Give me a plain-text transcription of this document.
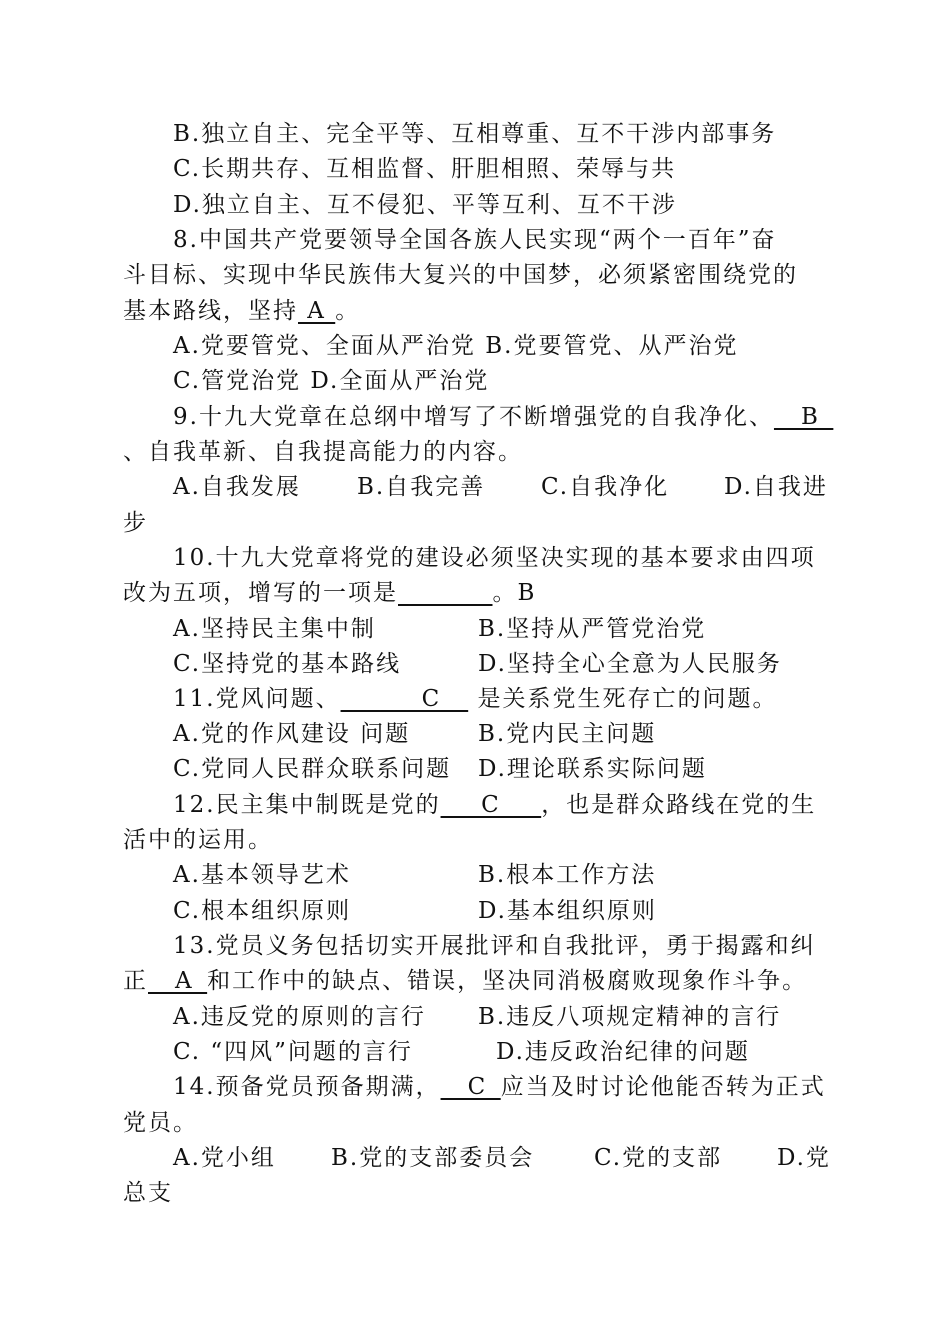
B.独立自主、完全平等、互相尊重、互不干涉内部事务
C.长期共存、互相监督、肝胆相照、荣辱与共
D.独立自主、互不侵犯、平等互利、互不干涉
8.中国共产党要领导全国各族人民实现“两个一百年”奋
斗目标、实现中华民族伟大复兴的中国梦，必须紧密围绕党的
基本路线，坚持 A 。
A.党要管党、全面从严治党 B.党要管党、从严治党
C.管党治党 D.全面从严治党
9.十九大党章在总纲中增写了不断增强党的自我净化、__B_
、自我革新、自我提高能力的内容。
A.自我发展 B.自我完善 C.自我净化 D.自我进
步
10.十九大党章将党的建设必须坚决实现的基本要求由四项
改为五项，增写的一项是_______。B
A.坚持民主集中制	B.坚持从严管党治党
C.坚持党的基本路线	D.坚持全心全意为人民服务
11.党风问题、______C__ 是关系党生死存亡的问题。
A.党的作风建设 问题	B.党内民主问题
C.党同人民群众联系问题 D.理论联系实际问题
12.民主集中制既是党的___C___，也是群众路线在党的生
活中的运用。
A.基本领导艺术	B.根本工作方法
C.根本组织原则	D.基本组织原则
13.党员义务包括切实开展批评和自我批评，勇于揭露和纠
正__A_和工作中的缺点、错误，坚决同消极腐败现象作斗争。
A.违反党的原则的言行 B.违反八项规定精神的言行
C. “四风”问题的言行	D.违反政治纪律的问题
14.预备党员预备期满，__C_应当及时讨论他能否转为正式
党员。
A.党小组 B.党的支部委员会	C.党的支部 D.党
总支
